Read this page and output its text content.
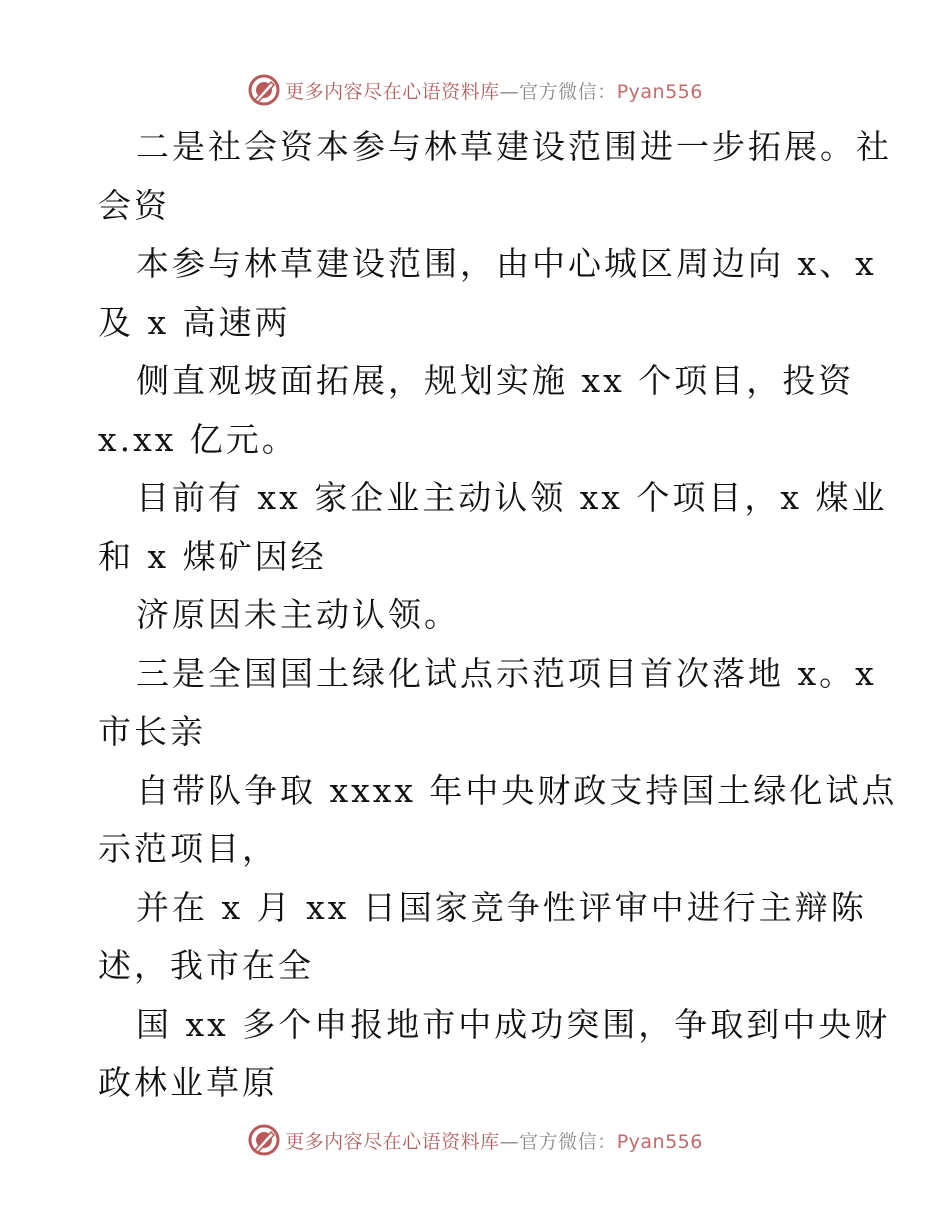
更多内容尽在心语资料库—官方微信：Pyan556
二是社会资本参与林草建设范围进一步拓展。社
会资
本参与林草建设范围，由中心城区周边向 x、x
及 x 高速两
侧直观坡面拓展，规划实施 xx 个项目，投资
x.xx 亿元。
目前有 xx 家企业主动认领 xx 个项目，x 煤业
和 x 煤矿因经
济原因未主动认领。
三是全国国土绿化试点示范项目首次落地 x。x
市长亲
自带队争取 xxxx 年中央财政支持国土绿化试点
示范项目，
并在 x 月 xx 日国家竞争性评审中进行主辩陈
述，我市在全
国 xx 多个申报地市中成功突围，争取到中央财
政林业草原
更多内容尽在心语资料库—官方微信：Pyan556
